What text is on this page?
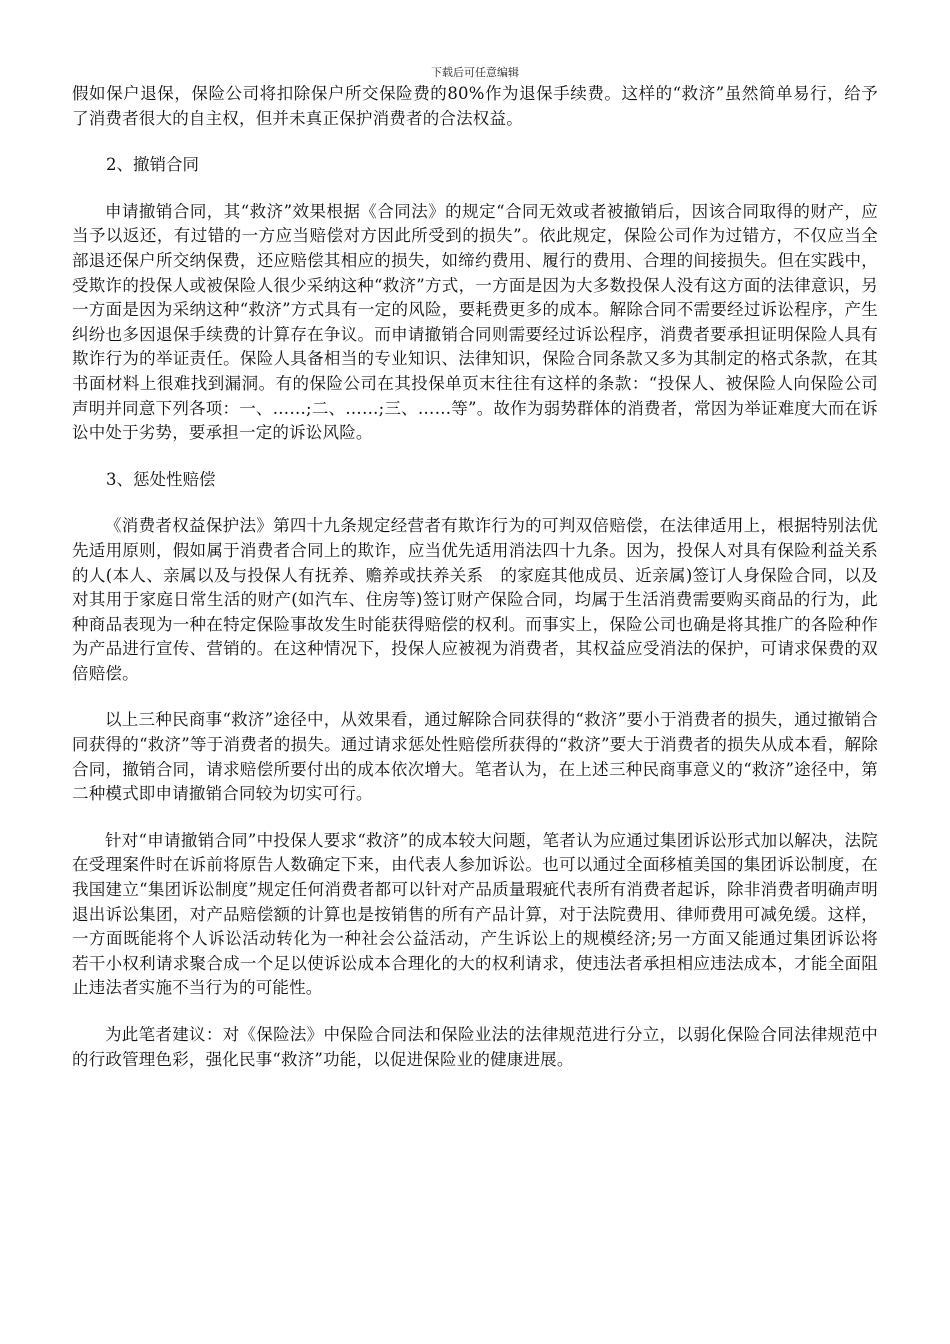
下载后可任意编辑

假如保户退保，保险公司将扣除保户所交保险费的80%作为退保手续费。这样的“救济”虽然简单易行，给予了消费者很大的自主权，但并未真正保护消费者的合法权益。

2、撤销合同

申请撤销合同，其“救济”效果根据《合同法》的规定“合同无效或者被撤销后，因该合同取得的财产，应当予以返还，有过错的一方应当赔偿对方因此所受到的损失”。依此规定，保险公司作为过错方，不仅应当全部退还保户所交纳保费，还应赔偿其相应的损失，如缔约费用、履行的费用、合理的间接损失。但在实践中，受欺诈的投保人或被保险人很少采纳这种“救济”方式，一方面是因为大多数投保人没有这方面的法律意识，另一方面是因为采纳这种“救济”方式具有一定的风险，要耗费更多的成本。解除合同不需要经过诉讼程序，产生纠纷也多因退保手续费的计算存在争议。而申请撤销合同则需要经过诉讼程序，消费者要承担证明保险人具有欺诈行为的举证责任。保险人具备相当的专业知识、法律知识，保险合同条款又多为其制定的格式条款，在其书面材料上很难找到漏洞。有的保险公司在其投保单页末往往有这样的条款：“投保人、被保险人向保险公司声明并同意下列各项：一、……;二、……;三、……等”。故作为弱势群体的消费者，常因为举证难度大而在诉讼中处于劣势，要承担一定的诉讼风险。

3、惩处性赔偿

《消费者权益保护法》第四十九条规定经营者有欺诈行为的可判双倍赔偿，在法律适用上，根据特别法优先适用原则，假如属于消费者合同上的欺诈，应当优先适用消法四十九条。因为，投保人对具有保险利益关系的人(本人、亲属以及与投保人有抚养、赡养或扶养关系　的家庭其他成员、近亲属)签订人身保险合同，以及对其用于家庭日常生活的财产(如汽车、住房等)签订财产保险合同，均属于生活消费需要购买商品的行为，此种商品表现为一种在特定保险事故发生时能获得赔偿的权利。而事实上，保险公司也确是将其推广的各险种作为产品进行宣传、营销的。在这种情况下，投保人应被视为消费者，其权益应受消法的保护，可请求保费的双倍赔偿。

以上三种民商事“救济”途径中，从效果看，通过解除合同获得的“救济”要小于消费者的损失，通过撤销合同获得的“救济”等于消费者的损失。通过请求惩处性赔偿所获得的“救济”要大于消费者的损失从成本看，解除合同，撤销合同，请求赔偿所要付出的成本依次增大。笔者认为，在上述三种民商事意义的“救济”途径中，第二种模式即申请撤销合同较为切实可行。

针对“申请撤销合同”中投保人要求“救济”的成本较大问题，笔者认为应通过集团诉讼形式加以解决，法院在受理案件时在诉前将原告人数确定下来，由代表人参加诉讼。也可以通过全面移植美国的集团诉讼制度，在我国建立“集团诉讼制度”规定任何消费者都可以针对产品质量瑕疵代表所有消费者起诉，除非消费者明确声明退出诉讼集团，对产品赔偿额的计算也是按销售的所有产品计算，对于法院费用、律师费用可减免缓。这样，一方面既能将个人诉讼活动转化为一种社会公益活动，产生诉讼上的规模经济;另一方面又能通过集团诉讼将若干小权利请求聚合成一个足以使诉讼成本合理化的大的权利请求，使违法者承担相应违法成本，才能全面阻止违法者实施不当行为的可能性。

为此笔者建议：对《保险法》中保险合同法和保险业法的法律规范进行分立，以弱化保险合同法律规范中的行政管理色彩，强化民事“救济”功能，以促进保险业的健康进展。
